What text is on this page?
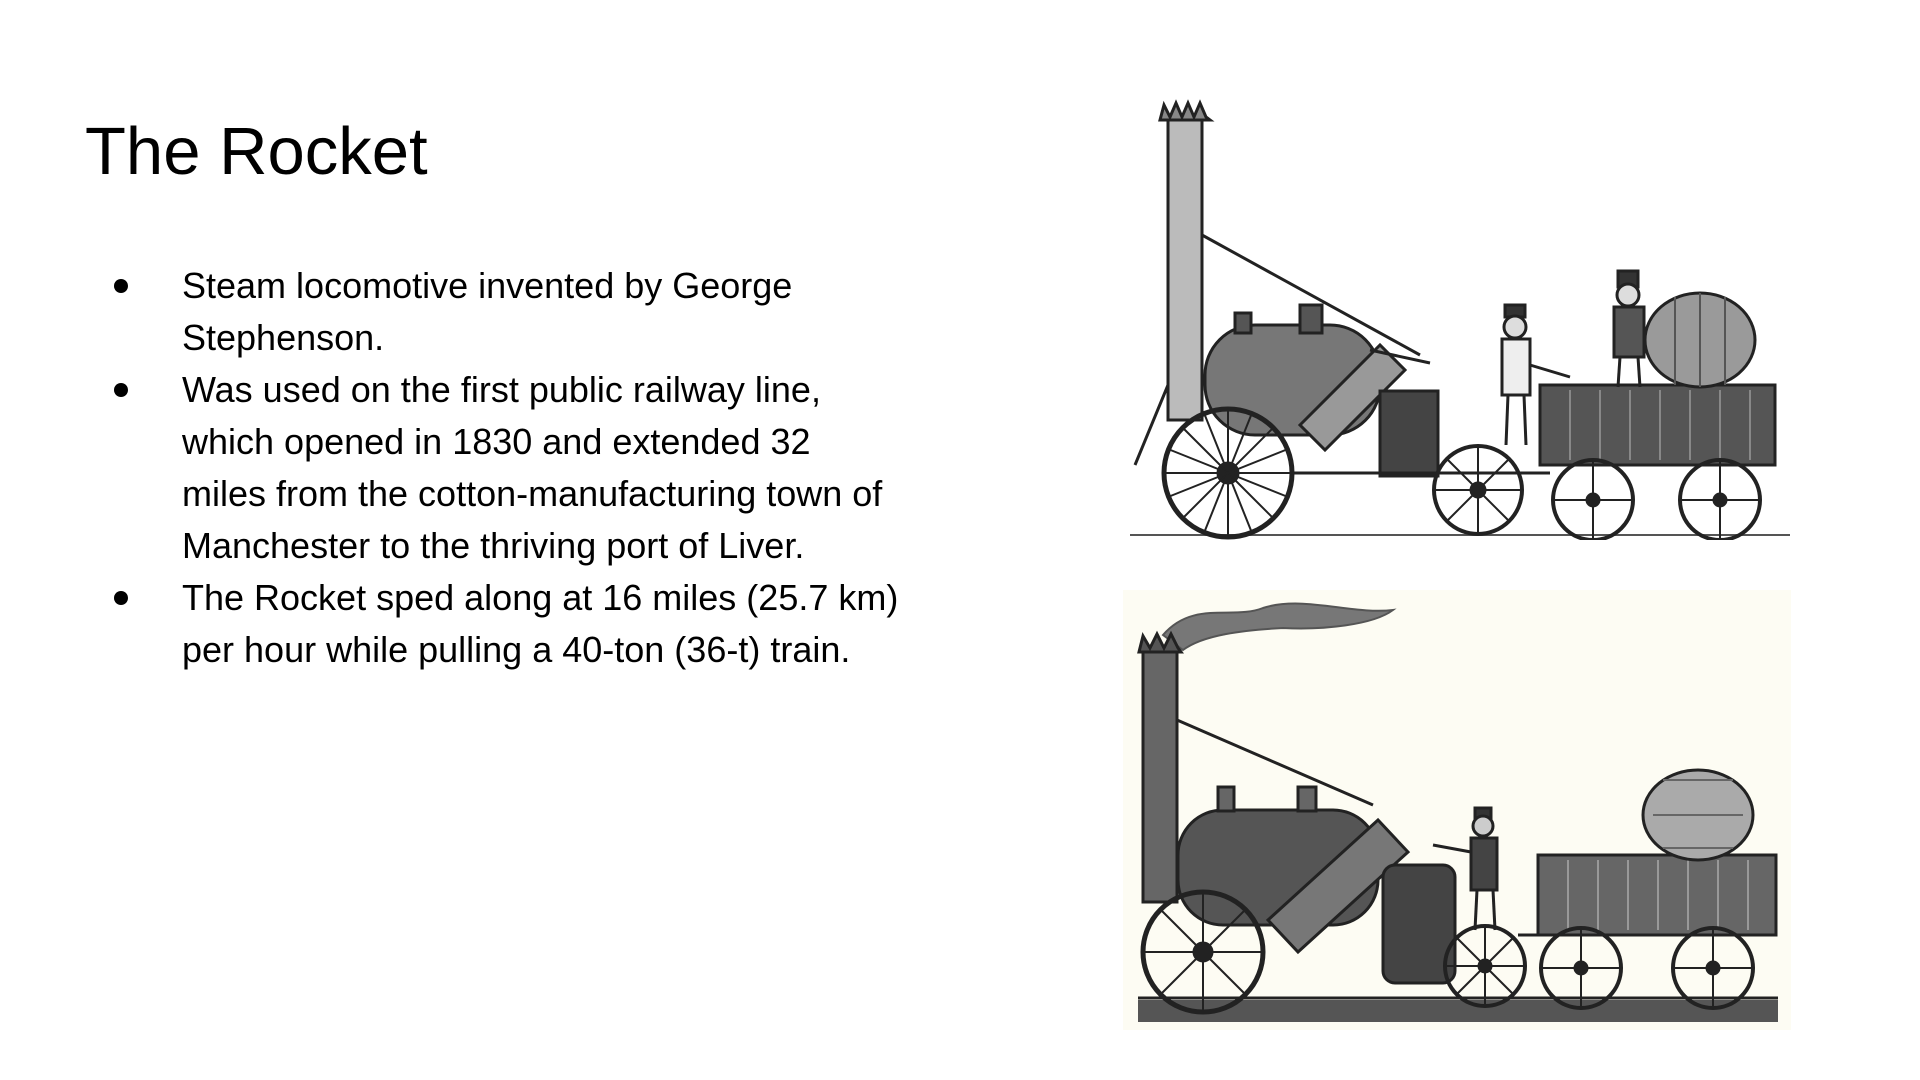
The Rocket
Steam locomotive invented by George Stephenson.
Was used on the first public railway line, which opened in 1830 and extended 32 miles from the cotton-manufacturing town of Manchester to the thriving port of Liver.
The Rocket sped along at 16 miles (25.7 km) per hour while pulling a 40-ton (36-t) train.
